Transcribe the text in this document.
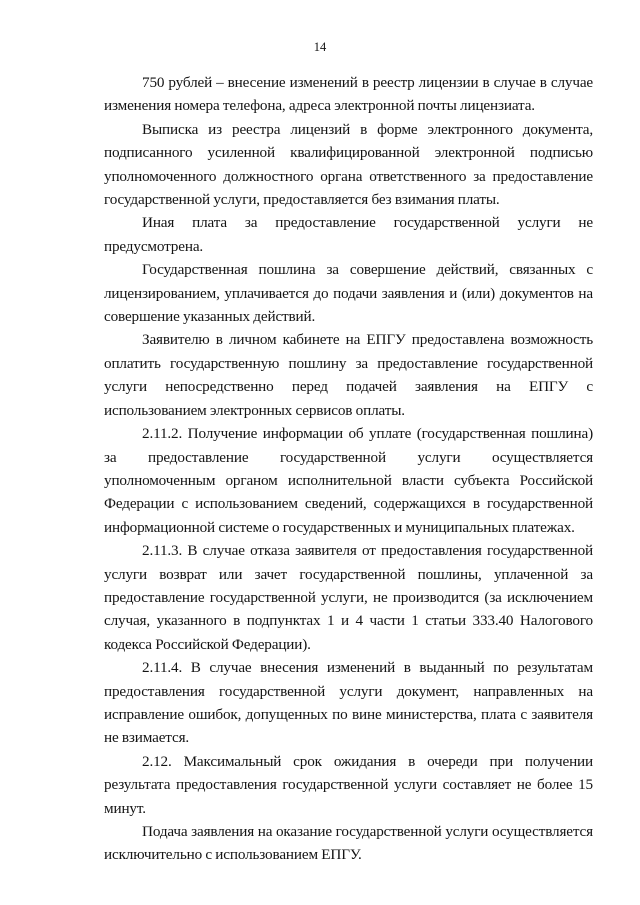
14

750 рублей – внесение изменений в реестр лицензии в случае в случае изменения номера телефона, адреса электронной почты лицензиата.

Выписка из реестра лицензий в форме электронного документа, подписанного усиленной квалифицированной электронной подписью уполномоченного должностного органа ответственного за предоставление государственной услуги, предоставляется без взимания платы.

Иная плата за предоставление государственной услуги не предусмотрена.

Государственная пошлина за совершение действий, связанных с лицензированием, уплачивается до подачи заявления и (или) документов на совершение указанных действий.

Заявителю в личном кабинете на ЕПГУ предоставлена возможность оплатить государственную пошлину за предоставление государственной услуги непосредственно перед подачей заявления на ЕПГУ с использованием электронных сервисов оплаты.

2.11.2. Получение информации об уплате (государственная пошлина) за предоставление государственной услуги осуществляется уполномоченным органом исполнительной власти субъекта Российской Федерации с использованием сведений, содержащихся в государственной информационной системе о государственных и муниципальных платежах.

2.11.3. В случае отказа заявителя от предоставления государственной услуги возврат или зачет государственной пошлины, уплаченной за предоставление государственной услуги, не производится (за исключением случая, указанного в подпунктах 1 и 4 части 1 статьи 333.40 Налогового кодекса Российской Федерации).

2.11.4. В случае внесения изменений в выданный по результатам предоставления государственной услуги документ, направленных на исправление ошибок, допущенных по вине министерства, плата с заявителя не взимается.

2.12. Максимальный срок ожидания в очереди при получении результата предоставления государственной услуги составляет не более 15 минут.

Подача заявления на оказание государственной услуги осуществляется исключительно с использованием ЕПГУ.
